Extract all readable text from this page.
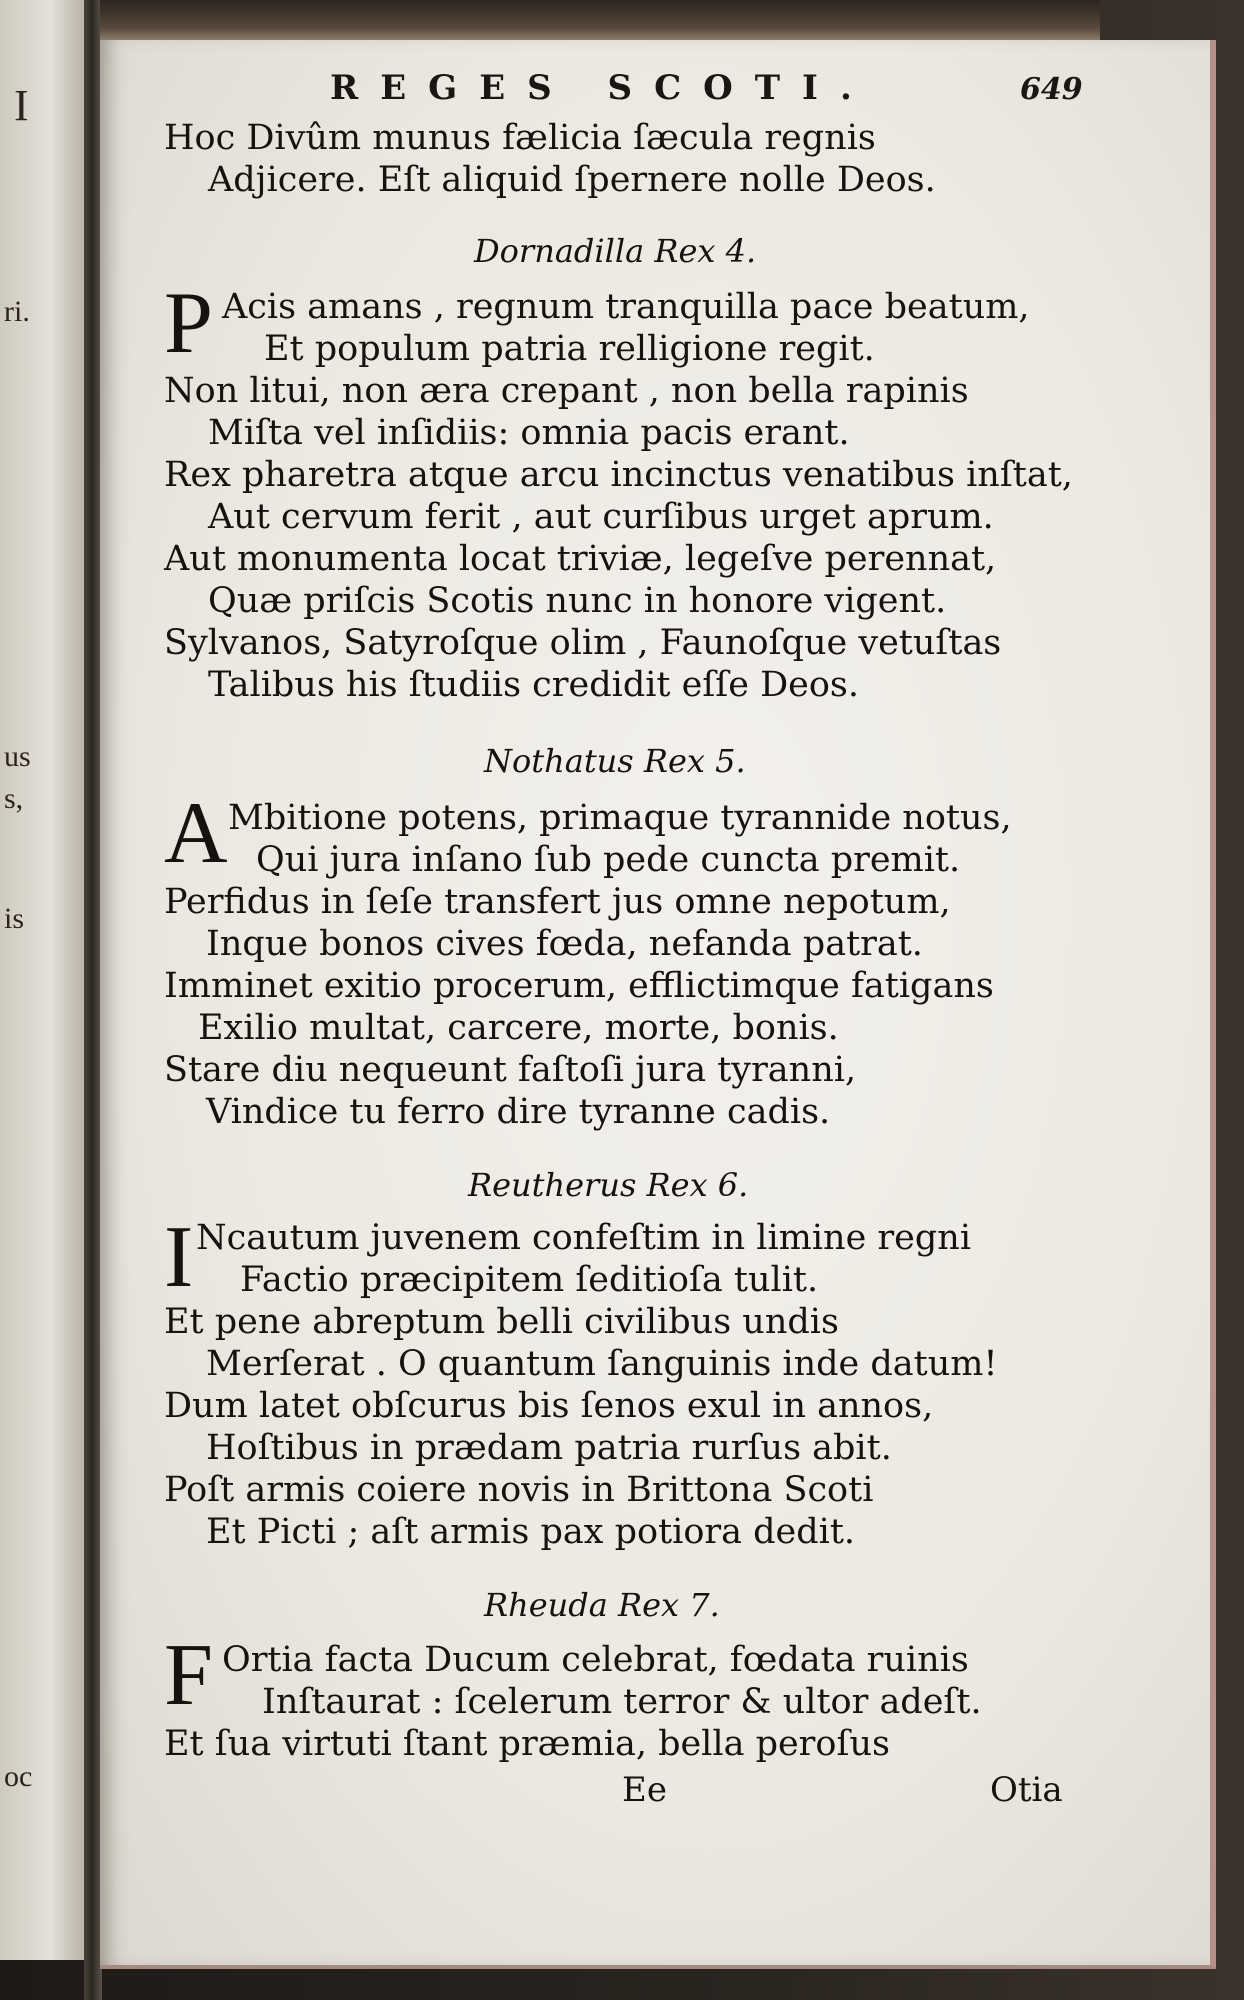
I
ri.
us
s,
is
oc
REGES SCOTI.	649
Hoc Divûm munus fælicia ſæcula regnis
Adjicere. Eſt aliquid ſpernere nolle Deos.
Dornadilla Rex 4.
P Acis amans , regnum tranquilla pace beatum,
Et populum patria relligione regit.
Non litui, non æra crepant , non bella rapinis
Miſta vel inſidiis: omnia pacis erant.
Rex pharetra atque arcu incinctus venatibus inſtat,
Aut cervum ferit , aut curſibus urget aprum.
Aut monumenta locat triviæ, legeſve perennat,
Quæ priſcis Scotis nunc in honore vigent.
Sylvanos, Satyroſque olim , Faunoſque vetuſtas
Talibus his ſtudiis credidit eſſe Deos.
Nothatus Rex 5.
A Mbitione potens, primaque tyrannide notus,
Qui jura inſano ſub pede cuncta premit.
Perfidus in ſeſe transfert jus omne nepotum,
Inque bonos cives fœda, nefanda patrat.
Imminet exitio procerum, efflictimque fatigans
Exilio multat, carcere, morte, bonis.
Stare diu nequeunt faſtoſi jura tyranni,
Vindice tu ferro dire tyranne cadis.
Reutherus Rex 6.
I Ncautum juvenem confeſtim in limine regni
Factio præcipitem ſeditioſa tulit.
Et pene abreptum belli civilibus undis
Merſerat . O quantum ſanguinis inde datum!
Dum latet obſcurus bis ſenos exul in annos,
Hoſtibus in prædam patria rurſus abit.
Poſt armis coiere novis in Brittona Scoti
Et Picti ; aſt armis pax potiora dedit.
Rheuda Rex 7.
F Ortia facta Ducum celebrat, fœdata ruinis
Inſtaurat : ſcelerum terror & ultor adeſt.
Et ſua virtuti ſtant præmia, bella peroſus
Ee	Otia
